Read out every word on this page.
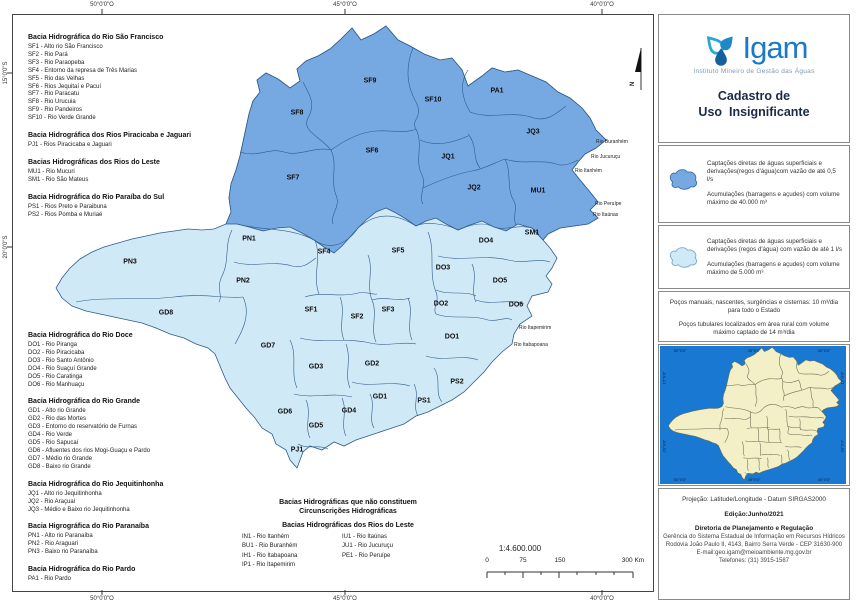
N
Bacia Hidrográfica do Rio São Francisco
SF1 - Alto rio São Francisco
SF2 - Rio Pará
SF3 - Rio Paraopeba
SF4 - Entorno da represa de Três Marias
SF5 - Rio das Velhas
SF6 - Rios Jequitaí e Pacuí
SF7 - Rio Paracatu
SF8 - Rio Urucuia
SF9 - Rio Pandeiros
SF10 - Rio Verde Grande
Bacia Hidrográfica dos Rios Piracicaba e Jaguari
PJ1 - Rios Piracicaba e Jaguari
Bacias Hidrográficas dos Rios do Leste
MU1 - Rio Mucuri
SM1 - Rio São Mateus
Bacia Hidrográfica do Rio Paraíba do Sul
PS1 - Rios Preto e Paraibuna
PS2 - Rios Pomba e Muriaé
Bacia Hidrográfica do Rio Doce
DO1 - Rio Piranga
DO2 - Rio Piracicaba
DO3 - Rio Santo Antônio
DO4 - Rio Suaçuí Grande
DO5 - Rio Caratinga
DO6 - Rio Manhuaçu
Bacia Hidrográfica do Rio Grande
GD1 - Alto rio Grande
GD2 - Rio das Mortes
GD3 - Entorno do reservatório de Furnas
GD4 - Rio Verde
GD5 - Rio Sapucaí
GD6 - Afluentes dos rios Mogi-Guaçu e Pardo
GD7 - Médio rio Grande
GD8 - Baixo rio Grande
Bacia Hidrográfica do Rio Jequitinhonha
JQ1 - Alto rio Jequitinhonha
JQ2 - Rio Araçuaí
JQ3 - Médio e Baixo rio Jequitinhonha
Bacia Higrográfica do Rio Paranaíba
PN1 - Alto rio Paranaíba
PN2 - Rio Araguari
PN3 - Baixo rio Paranaíba
Bacia Hidrográfica do Rio Pardo
PA1 - Rio Pardo
Bacias Hidrográficas que não constituem
Circunscrições Hidrográficas
Bacias Hidrográficas dos Rios do Leste
IN1 - Rio Itanhém
BU1 - Rio Buranhém
IH1 - Rio Itabapoana
IP1 - Rio Itapemirim
IU1 - Rio Itaúnas
JU1 - Rio Jucuruçu
PE1 - Rio Peruípe
1:4.600.000
Igam
Instituto Mineiro de Gestão das Águas
Cadastro de
Uso  Insignificante
Captações diretas de águas superficiais e derivações(regos d'água)com vazão de até 0,5 l/s
Acumulações (barragens e açudes) com volume máximo de 40.000 m³
Captações diretas de águas superficiais e derivações (regos d'água) com vazão de até 1 l/s
Acumulações (barragens e açudes) com volume máximo de 5.000 m³
Poços manuais, nascentes, surgências e cisternas: 10 m³/dia para todo o Estado
Poços tubulares localizados em área rural com volume máximo captado de 14 m³/dia
Projeção: Latitude/Longitude - Datum SIRGAS2000
Edição:Junho/2021
Diretoria de Planejamento e Regulação
Gerência do Sistema Estadual de Informação em Recursos Hídricos
Rodovia João Paulo II, 4143, Bairro Serra Verde - CEP 31630-900
E-mail:geo.igam@meioambiente.mg.gov.br
Telefones: (31) 3915-1587
SF9
SF10
PA1
SF8
JQ3
SF6
JQ1
SF7
JQ2	MU1
SM1
PN1
SF4	SF5
DO4
PN3
DO3
DO5
PN2
SF1
SF2
SF3
DO2	DO6
GD8
DO1
GD7
GD3	GD2
PS2
GD1
PS1
GD6	GD4
GD5
PJ1
Rio Buranhém
Rio Jucuruçu
Rio Itanhém
Rio Peruípe
Rio Itaúnas
Rio Itapemirim
Rio Itabapoana
50°0'0"O	45°0'0"O	40°0'0"O
50°0'0"O	45°0'0"O	40°0'0"O
15°0'0"S
20°0'0"S
0	75	150	300 Km
50°0'0"	45°0'0"	40°0'0"
50°0'0"	45°0'0"	40°0'0"
15°0'0"	15°0'0"
20°0'0"	20°0'0"
